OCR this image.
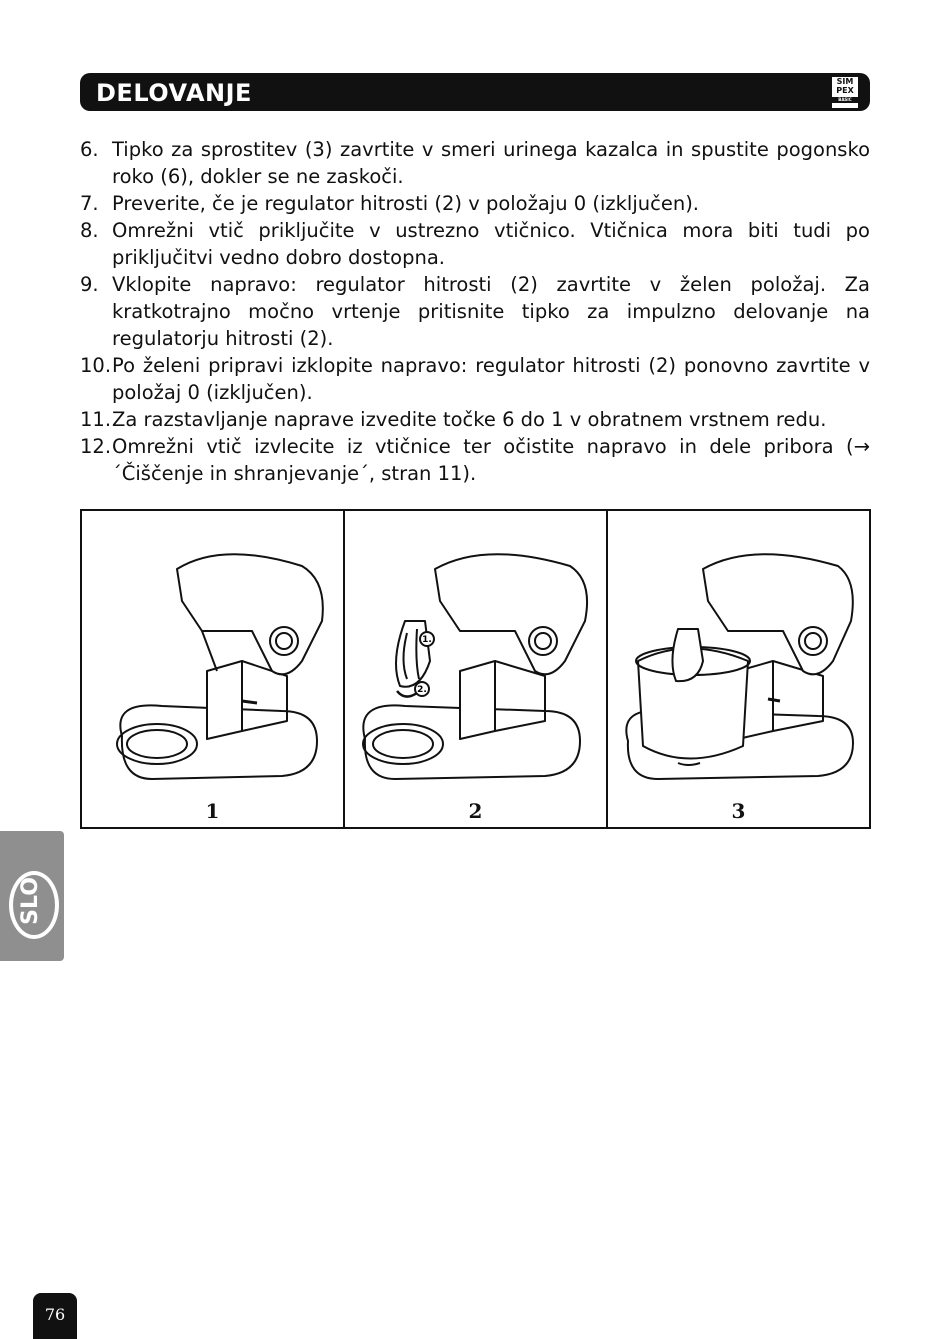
DELOVANJE	SIM
PEX
BASIC
6. Tipko za sprostitev (3) zavrtite v smeri urinega kazalca in spustite pogonsko roko (6), dokler se ne zaskoči.
7. Preverite, če je regulator hitrosti (2) v položaju 0 (izključen).
8. Omrežni vtič priključite v ustrezno vtičnico. Vtičnica mora biti tudi po priključitvi vedno dobro dostopna.
9. Vklopite napravo: regulator hitrosti (2) zavrtite v želen položaj. Za kratkotrajno močno vrtenje pritisnite tipko za impulzno delovanje na regulatorju hitrosti (2).
10. Po želeni pripravi izklopite napravo: regulator hitrosti (2) ponovno zavrtite v položaj 0 (izključen).
11. Za razstavljanje naprave izvedite točke 6 do 1 v obratnem vrstnem redu.
12. Omrežni vtič izvlecite iz vtičnice ter očistite napravo in dele pribora (→ ´Čiščenje in shranjevanje´, stran 11).
1
1.
2.
2	3
SLO
76
